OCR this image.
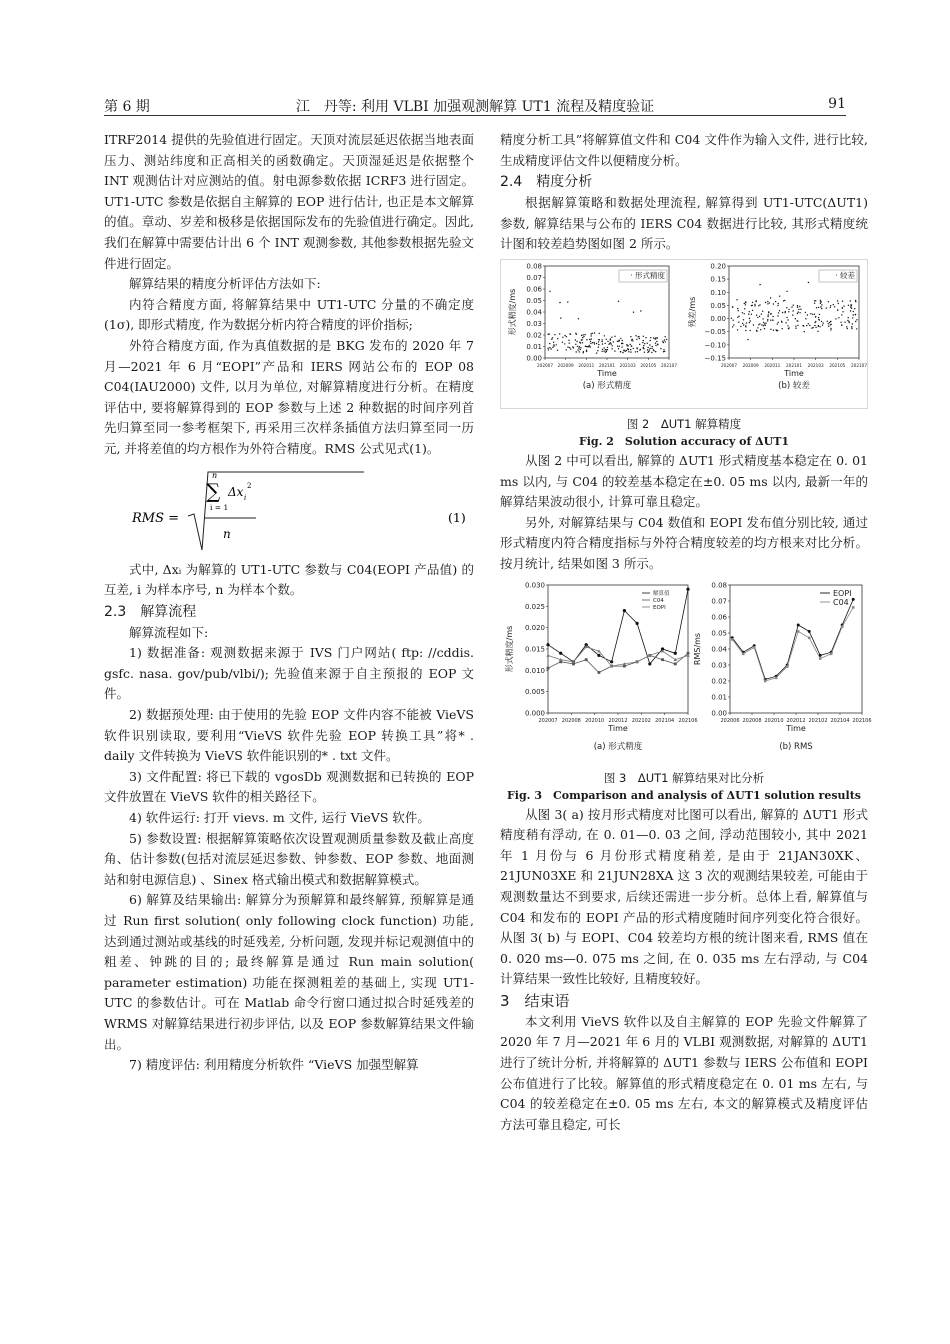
第 6 期	江　丹等: 利用 VLBI 加强观测解算 UT1 流程及精度验证	91

ITRF2014 提供的先验值进行固定。天顶对流层延迟依据当地表面压力、测站纬度和正高相关的函数确定。天顶湿延迟是依据整个 INT 观测估计对应测站的值。射电源参数依据 ICRF3 进行固定。UT1-UTC 参数是依据自主解算的 EOP 进行估计, 也正是本文解算的值。章动、岁差和极移是依据国际发布的先验值进行确定。因此, 我们在解算中需要估计出 6 个 INT 观测参数, 其他参数根据先验文件进行固定。

解算结果的精度分析评估方法如下:

内符合精度方面, 将解算结果中 UT1-UTC 分量的不确定度(1σ), 即形式精度, 作为数据分析内符合精度的评价指标;

外符合精度方面, 作为真值数据的是 BKG 发布的 2020 年 7 月—2021 年 6 月“EOPI”产品和 IERS 网站公布的 EOP 08 C04(IAU2000) 文件, 以月为单位, 对解算精度进行分析。在精度评估中, 要将解算得到的 EOP 参数与上述 2 种数据的时间序列首先归算至同一参考框架下, 再采用三次样条插值方法归算至同一历元, 并将差值的均方根作为外符合精度。RMS 公式见式(1)。

RMS =
n
∑
i = 1
Δx i
2
n
(1)

式中, Δxᵢ 为解算的 UT1-UTC 参数与 C04(EOPI 产品值) 的互差, i 为样本序号, n 为样本个数。

2.3　解算流程

解算流程如下:

1) 数据准备: 观测数据来源于 IVS 门户网站( ftp: //cddis. gsfc. nasa. gov/pub/vlbi/); 先验值来源于自主预报的 EOP 文件。

2) 数据预处理: 由于使用的先验 EOP 文件内容不能被 VieVS 软件识别读取, 要利用“VieVS 软件先验 EOP 转换工具”将* . daily 文件转换为 VieVS 软件能识别的* . txt 文件。

3) 文件配置: 将已下载的 vgosDb 观测数据和已转换的 EOP 文件放置在 VieVS 软件的相关路径下。

4) 软件运行: 打开 vievs. m 文件, 运行 VieVS 软件。

5) 参数设置: 根据解算策略依次设置观测质量参数及截止高度角、估计参数(包括对流层延迟参数、钟参数、EOP 参数、地面测站和射电源信息) 、Sinex 格式输出模式和数据解算模式。

6) 解算及结果输出: 解算分为预解算和最终解算, 预解算是通过 Run first solution( only following clock function) 功能, 达到通过测站或基线的时延残差, 分析问题, 发现并标记观测值中的粗差、钟跳的目的; 最终解算是通过 Run main solution( parameter estimation) 功能在探测粗差的基础上, 实现 UT1-UTC 的参数估计。可在 Matlab 命令行窗口通过拟合时延残差的 WRMS 对解算结果进行初步评估, 以及 EOP 参数解算结果文件输出。

7) 精度评估: 利用精度分析软件 “VieVS 加强型解算

精度分析工具”将解算值文件和 C04 文件作为输入文件, 进行比较, 生成精度评估文件以便精度分析。

2.4　精度分析

根据解算策略和数据处理流程, 解算得到 UT1-UTC(ΔUT1) 参数, 解算结果与公布的 IERS C04 数据进行比较, 其形式精度统计图和较差趋势图如图 2 所示。

0.08
0.07
0.06
0.05
0.04
0.03
0.02
0.01
0.00
202007 202009 202011 202101 202103 202105 202107
Time
形式精度/ms
(a) 形式精度
· 形式精度
0.20
0.15
0.10
0.05
0.00
−0.05
−0.10
−0.15
202007 202009 202011 202101 202103 202105 202107
Time
残差/ms
(b) 较差
· 较差

图 2　ΔUT1 解算精度

Fig. 2　Solution accuracy of ΔUT1

从图 2 中可以看出, 解算的 ΔUT1 形式精度基本稳定在 0. 01 ms 以内, 与 C04 的较差基本稳定在±0. 05 ms 以内, 最新一年的解算结果波动很小, 计算可靠且稳定。

另外, 对解算结果与 C04 数值和 EOPI 发布值分别比较, 通过形式精度内符合精度指标与外符合精度较差的均方根来对比分析。按月统计, 结果如图 3 所示。

0.030
0.025
0.020
0.015
0.010
0.005
0.000
202007 202008 202010 202012 202102 202104 202106
Time
形式精度/ms
(a) 形式精度
解算值
C04
EOPI
0.08
0.07
0.06
0.05
0.04
0.03
0.02
0.01
0.00
202006 202008 202010 202012 202102 202104 202106
Time
RMS/ms
(b) RMS
EOPI
C04

图 3　ΔUT1 解算结果对比分析

Fig. 3　Comparison and analysis of ΔUT1 solution results

从图 3( a) 按月形式精度对比图可以看出, 解算的 ΔUT1 形式精度稍有浮动, 在 0. 01—0. 03 之间, 浮动范围较小, 其中 2021 年 1 月份与 6 月份形式精度稍差, 是由于 21JAN30XK、21JUN03XE 和 21JUN28XA 这 3 次的观测结果较差, 可能由于观测数量达不到要求, 后续还需进一步分析。总体上看, 解算值与 C04 和发布的 EOPI 产品的形式精度随时间序列变化符合很好。从图 3( b) 与 EOPI、C04 较差均方根的统计图来看, RMS 值在 0. 020 ms—0. 075 ms 之间, 在 0. 035 ms 左右浮动, 与 C04 计算结果一致性比较好, 且精度较好。

3　结束语

本文利用 VieVS 软件以及自主解算的 EOP 先验文件解算了 2020 年 7 月—2021 年 6 月的 VLBI 观测数据, 对解算的 ΔUT1 进行了统计分析, 并将解算的 ΔUT1 参数与 IERS 公布值和 EOPI 公布值进行了比较。解算值的形式精度稳定在 0. 01 ms 左右, 与 C04 的较差稳定在±0. 05 ms 左右, 本文的解算模式及精度评估方法可靠且稳定, 可长
